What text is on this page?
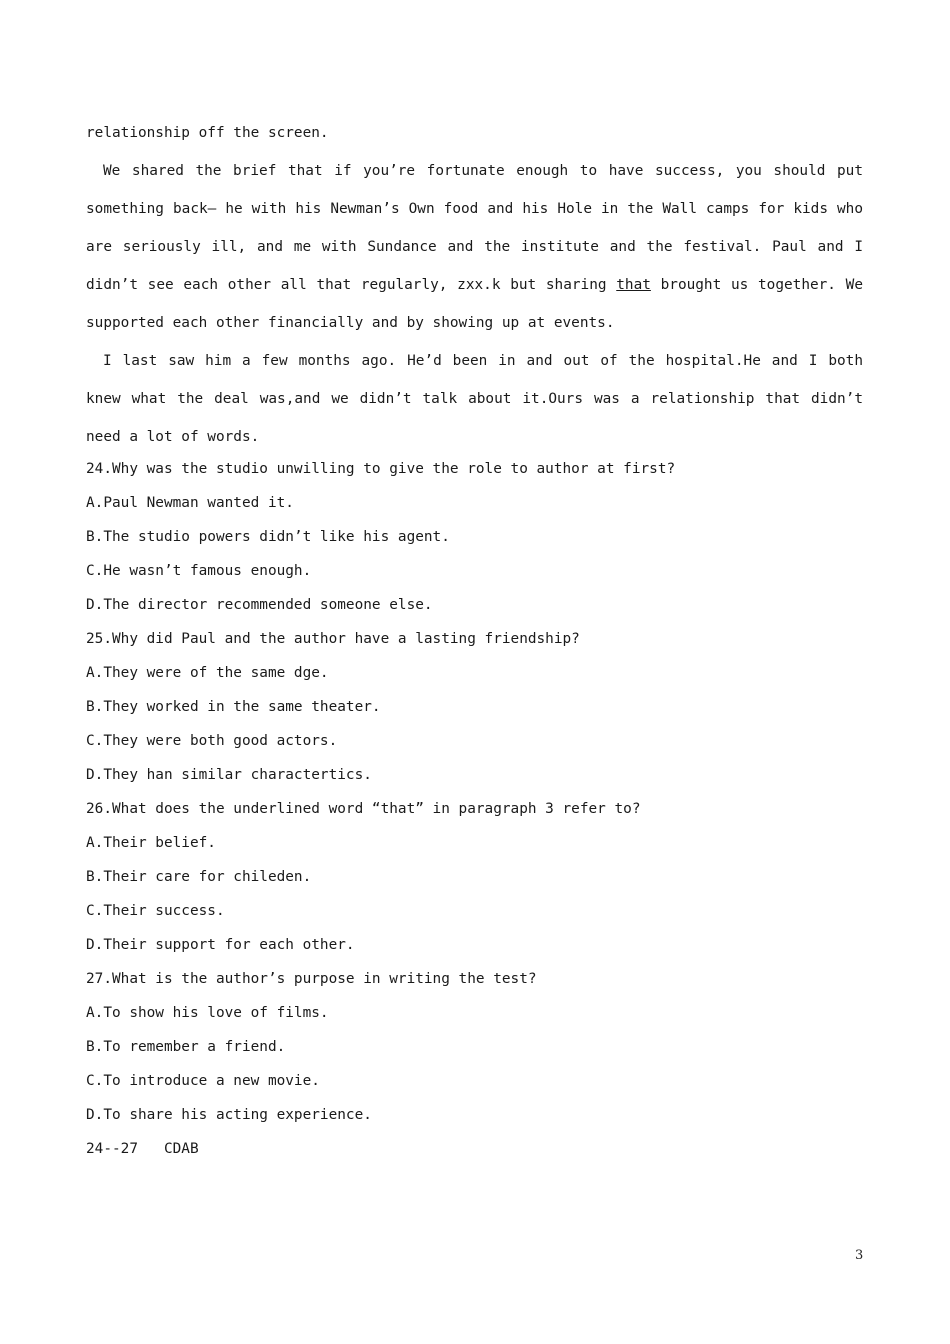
relationship off the screen.

We shared the brief that if you’re fortunate enough to have success, you should put something back— he with his Newman’s Own food and his Hole in the Wall camps for kids who are seriously ill, and me with Sundance and the institute and the festival. Paul and I didn’t see each other all that regularly, zxx.k but sharing that brought us together. We supported each other financially and by showing up at events.

I last saw him a few months ago. He’d been in and out of the hospital.He and I both knew what the deal was,and we didn’t talk about it.Ours was a relationship that didn’t need a lot of words.

24.Why was the studio unwilling to give the role to author at first?

A.Paul Newman wanted it.

B.The studio powers didn’t like his agent.

C.He wasn’t famous enough.

D.The director recommended someone else.

25.Why did Paul and the author have a lasting friendship?

A.They were of the same dge.

B.They worked in the same theater.

C.They were both good actors.

D.They han similar charactertics.

26.What does the underlined word “that” in paragraph 3 refer to?

A.Their belief.

B.Their care for chileden.

C.Their success.

D.Their support for each other.

27.What is the author’s purpose in writing the test?

A.To show his love of films.

B.To remember a friend.

C.To introduce a new movie.

D.To share his acting experience.

24--27   CDAB

3
